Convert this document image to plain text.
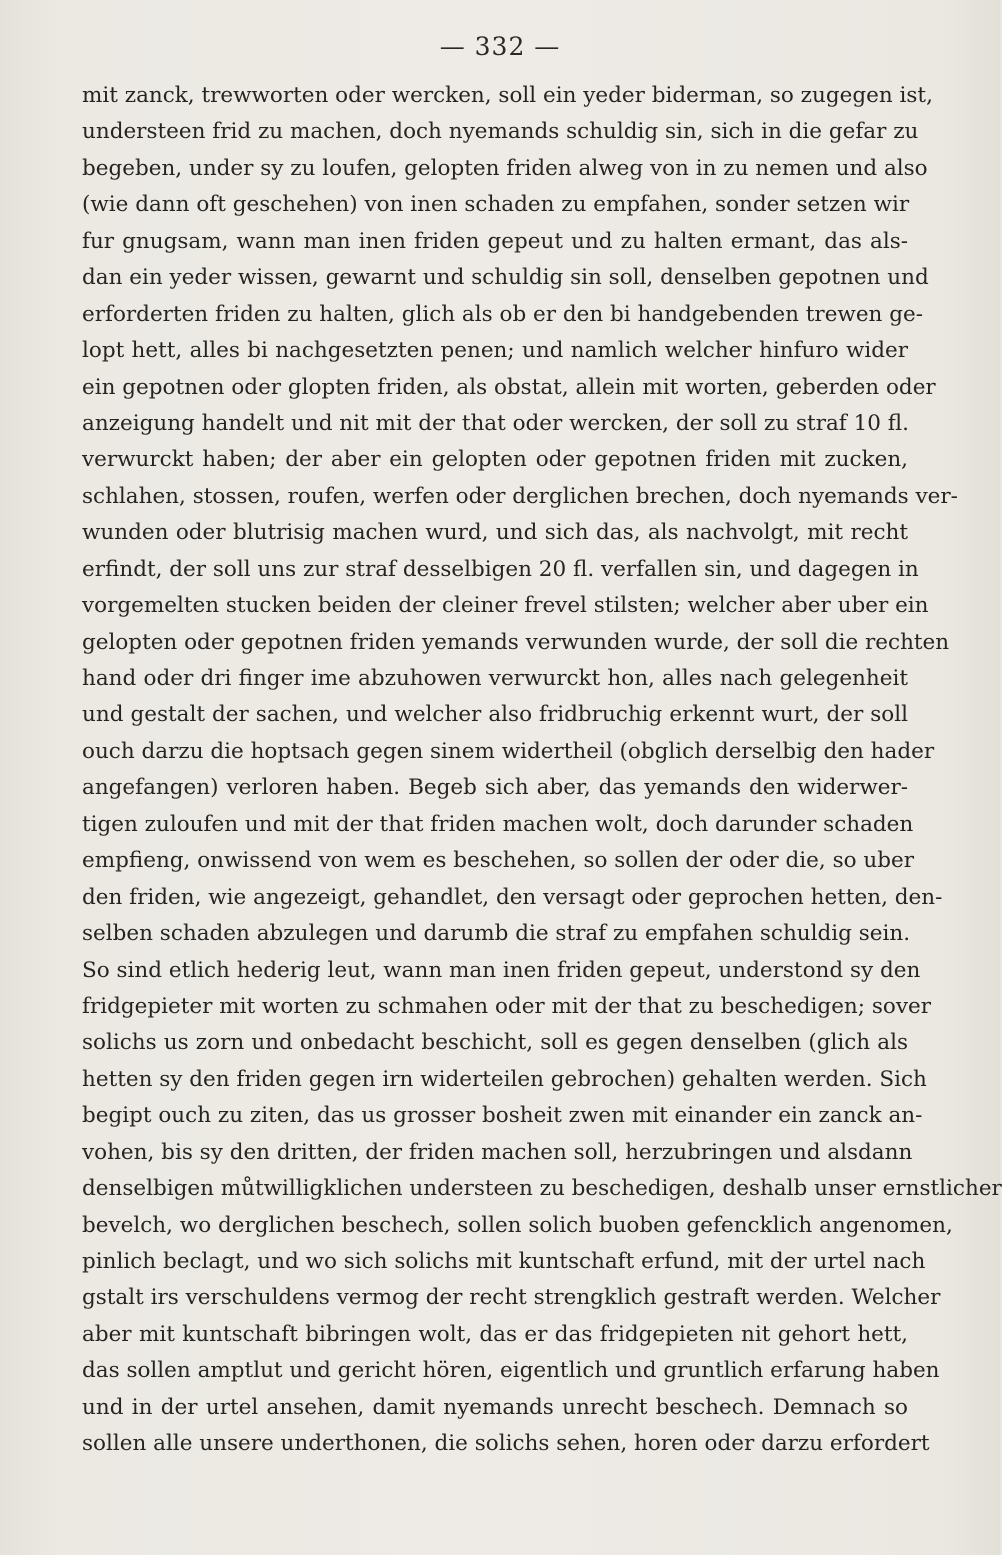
— 332 —
mit zanck, trewworten oder wercken, soll ein yeder biderman, so zugegen ist,
understeen frid zu machen, doch nyemands schuldig sin, sich in die gefar zu
begeben, under sy zu loufen, gelopten friden alweg von in zu nemen und also
(wie dann oft geschehen) von inen schaden zu empfahen, sonder setzen wir
fur gnugsam, wann man inen friden gepeut und zu halten ermant, das als-
dan ein yeder wissen, gewarnt und schuldig sin soll, denselben gepotnen und
erforderten friden zu halten, glich als ob er den bi handgebenden trewen ge-
lopt hett, alles bi nachgesetzten penen; und namlich welcher hinfuro wider
ein gepotnen oder glopten friden, als obstat, allein mit worten, geberden oder
anzeigung handelt und nit mit der that oder wercken, der soll zu straf 10 fl.
verwurckt haben; der aber ein gelopten oder gepotnen friden mit zucken,
schlahen, stossen, roufen, werfen oder derglichen brechen, doch nyemands ver-
wunden oder blutrisig machen wurd, und sich das, als nachvolgt, mit recht
erfindt, der soll uns zur straf desselbigen 20 fl. verfallen sin, und dagegen in
vorgemelten stucken beiden der cleiner frevel stilsten; welcher aber uber ein
gelopten oder gepotnen friden yemands verwunden wurde, der soll die rechten
hand oder dri finger ime abzuhowen verwurckt hon, alles nach gelegenheit
und gestalt der sachen, und welcher also fridbruchig erkennt wurt, der soll
ouch darzu die hoptsach gegen sinem widertheil (obglich derselbig den hader
angefangen) verloren haben. Begeb sich aber, das yemands den widerwer-
tigen zuloufen und mit der that friden machen wolt, doch darunder schaden
empfieng, onwissend von wem es beschehen, so sollen der oder die, so uber
den friden, wie angezeigt, gehandlet, den versagt oder geprochen hetten, den-
selben schaden abzulegen und darumb die straf zu empfahen schuldig sein.
So sind etlich hederig leut, wann man inen friden gepeut, understond sy den
fridgepieter mit worten zu schmahen oder mit der that zu beschedigen; sover
solichs us zorn und onbedacht beschicht, soll es gegen denselben (glich als
hetten sy den friden gegen irn widerteilen gebrochen) gehalten werden. Sich
begipt ouch zu ziten, das us grosser bosheit zwen mit einander ein zanck an-
vohen, bis sy den dritten, der friden machen soll, herzubringen und alsdann
denselbigen můtwilligklichen understeen zu beschedigen, deshalb unser ernstlicher
bevelch, wo derglichen beschech, sollen solich buoben gefencklich angenomen,
pinlich beclagt, und wo sich solichs mit kuntschaft erfund, mit der urtel nach
gstalt irs verschuldens vermog der recht strengklich gestraft werden. Welcher
aber mit kuntschaft bibringen wolt, das er das fridgepieten nit gehort hett,
das sollen amptlut und gericht hören, eigentlich und gruntlich erfarung haben
und in der urtel ansehen, damit nyemands unrecht beschech. Demnach so
sollen alle unsere underthonen, die solichs sehen, horen oder darzu erfordert
